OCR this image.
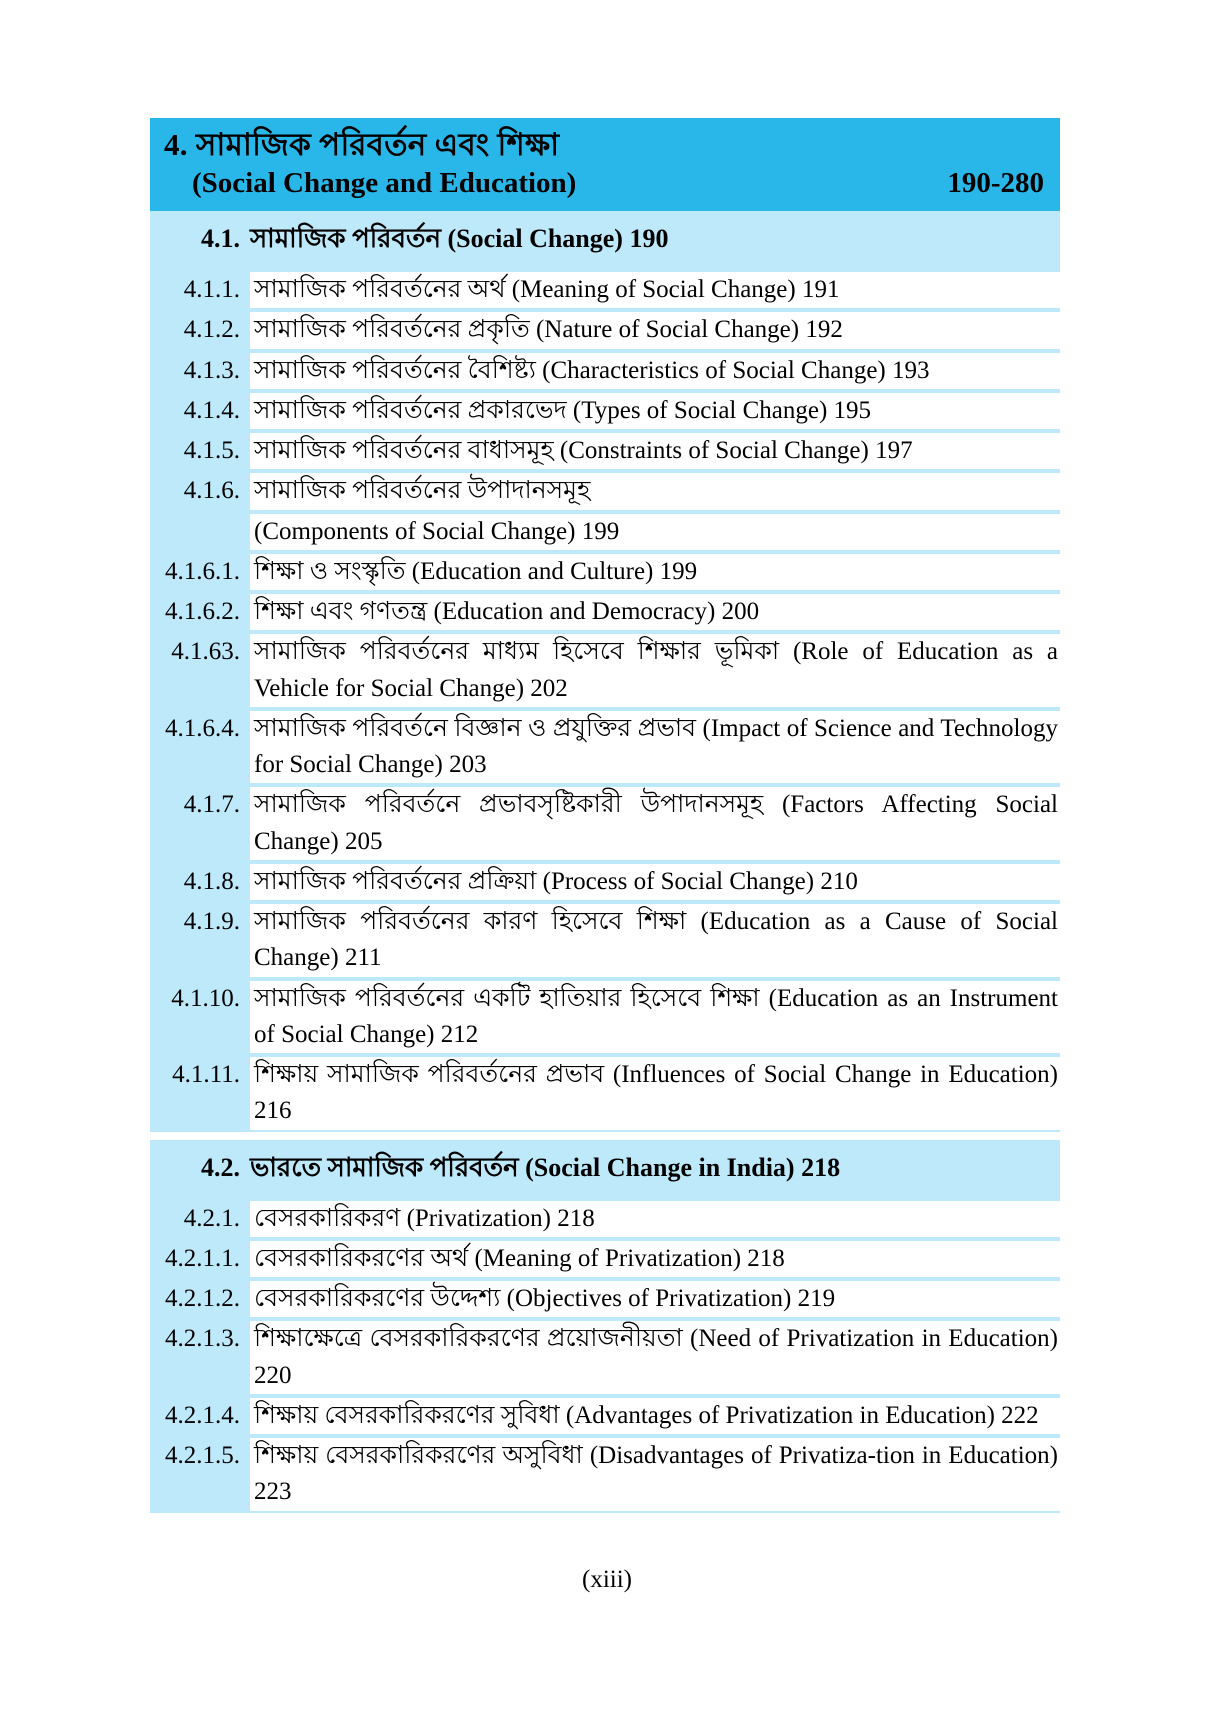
4. সামাজিক পরিবর্তন এবং শিক্ষা
(Social Change and Education)	190-280
4.1. সামাজিক পরিবর্তন (Social Change) 190
4.1.1. সামাজিক পরিবর্তনের অর্থ (Meaning of Social Change) 191
4.1.2. সামাজিক পরিবর্তনের প্রকৃতি (Nature of Social Change) 192
4.1.3. সামাজিক পরিবর্তনের বৈশিষ্ট্য (Characteristics of Social Change) 193
4.1.4. সামাজিক পরিবর্তনের প্রকারভেদ (Types of Social Change) 195
4.1.5. সামাজিক পরিবর্তনের বাধাসমূহ (Constraints of Social Change) 197
4.1.6. সামাজিক পরিবর্তনের উপাদানসমূহ
(Components of Social Change) 199
4.1.6.1. শিক্ষা ও সংস্কৃতি (Education and Culture) 199
4.1.6.2. শিক্ষা এবং গণতন্ত্র (Education and Democracy) 200
4.1.63. সামাজিক পরিবর্তনের মাধ্যম হিসেবে শিক্ষার ভূমিকা (Role of Education as a Vehicle for Social Change) 202
4.1.6.4. সামাজিক পরিবর্তনে বিজ্ঞান ও প্রযুক্তির প্রভাব (Impact of Science and Technology for Social Change) 203
4.1.7. সামাজিক পরিবর্তনে প্রভাবসৃষ্টিকারী উপাদানসমূহ (Factors Affecting Social Change) 205
4.1.8. সামাজিক পরিবর্তনের প্রক্রিয়া (Process of Social Change) 210
4.1.9. সামাজিক পরিবর্তনের কারণ হিসেবে শিক্ষা (Education as a Cause of Social Change) 211
4.1.10. সামাজিক পরিবর্তনের একটি হাতিয়ার হিসেবে শিক্ষা (Education as an Instrument of Social Change) 212
4.1.11. শিক্ষায় সামাজিক পরিবর্তনের প্রভাব (Influences of Social Change in Education) 216
4.2. ভারতে সামাজিক পরিবর্তন (Social Change in India) 218
4.2.1. বেসরকারিকরণ (Privatization) 218
4.2.1.1. বেসরকারিকরণের অর্থ (Meaning of Privatization) 218
4.2.1.2. বেসরকারিকরণের উদ্দেশ্য (Objectives of Privatization) 219
4.2.1.3. শিক্ষাক্ষেত্রে বেসরকারিকরণের প্রয়োজনীয়তা (Need of Privatization in Education) 220
4.2.1.4. শিক্ষায় বেসরকারিকরণের সুবিধা (Advantages of Privatization in Education) 222
4.2.1.5. শিক্ষায় বেসরকারিকরণের অসুবিধা (Disadvantages of Privatiza-tion in Education) 223
(xiii)
